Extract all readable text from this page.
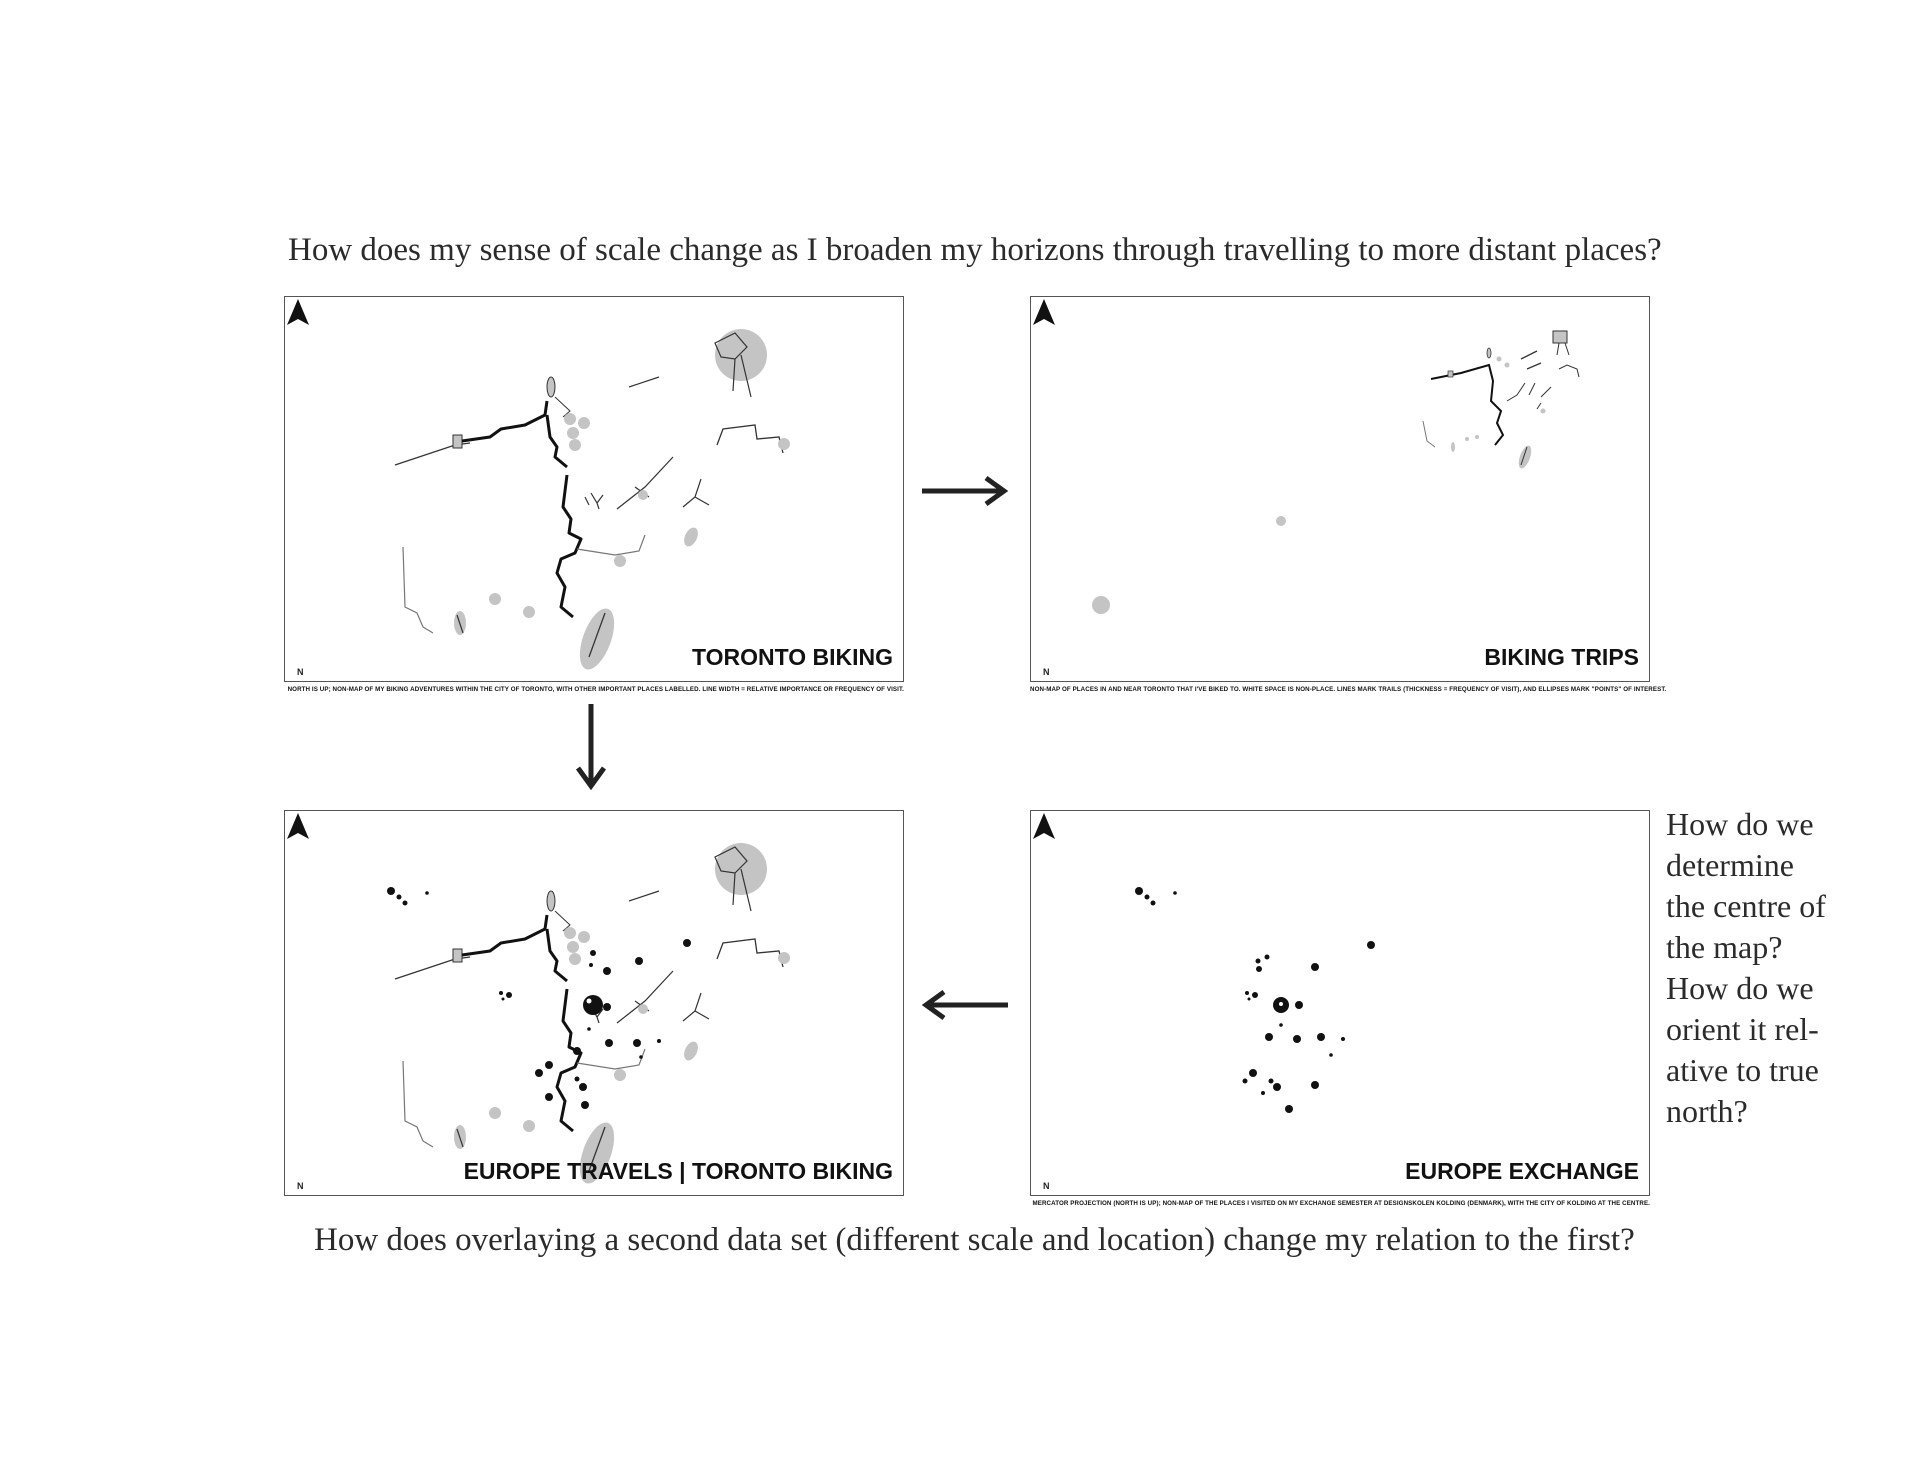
How does my sense of scale change as I broaden my horizons through travelling to more distant places?
N
TORONTO BIKING
NORTH IS UP; NON-MAP OF MY BIKING ADVENTURES WITHIN THE CITY OF TORONTO, WITH OTHER IMPORTANT PLACES LABELLED. LINE WIDTH = RELATIVE IMPORTANCE OR FREQUENCY OF VISIT.
N
BIKING TRIPS
NON-MAP OF PLACES IN AND NEAR TORONTO THAT I'VE BIKED TO. WHITE SPACE IS NON-PLACE. LINES MARK TRAILS (THICKNESS = FREQUENCY OF VISIT), AND ELLIPSES MARK "POINTS" OF INTEREST.
N
EUROPE TRAVELS | TORONTO BIKING
N
EUROPE EXCHANGE
MERCATOR PROJECTION (NORTH IS UP); NON-MAP OF THE PLACES I VISITED ON MY EXCHANGE SEMESTER AT DESIGNSKOLEN KOLDING (DENMARK), WITH THE CITY OF KOLDING AT THE CENTRE.
How do we determine the centre of the map? How do we orient it rel-ative to true north?
How does overlaying a second data set (different scale and location) change my relation to the first?
